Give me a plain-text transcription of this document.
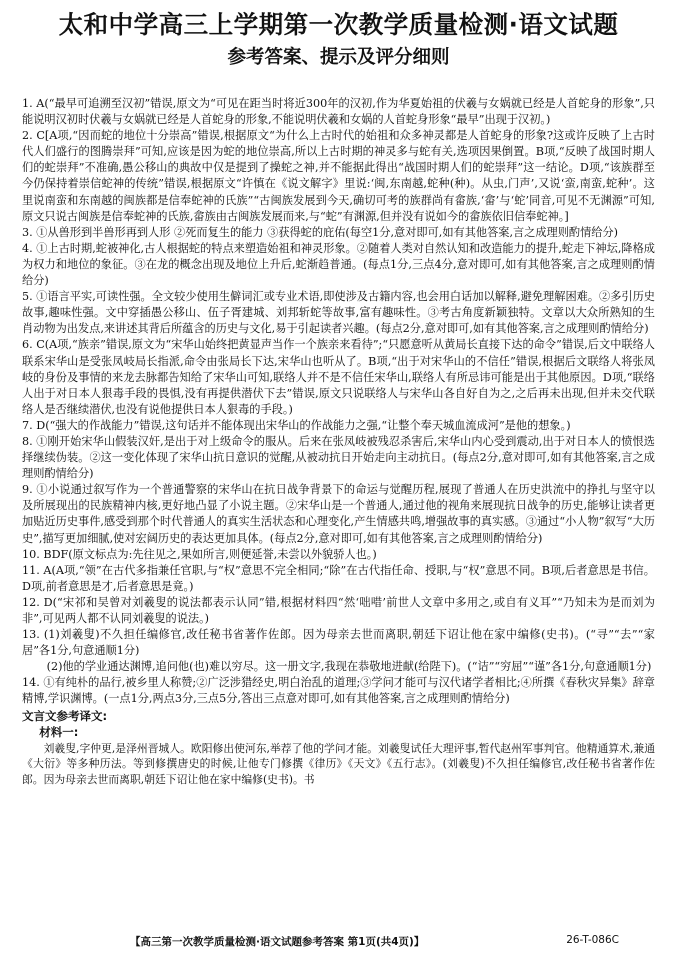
太和中学高三上学期第一次教学质量检测·语文试题
参考答案、提示及评分细则

1. A(“最早可追溯至汉初”错误,原文为“可见在距当时将近300年的汉初,作为华夏始祖的伏羲与女娲就已经是人首蛇身的形象”,只能说明汉初时伏羲与女娲就已经是人首蛇身的形象,不能说明伏羲和女娲的人首蛇身形象“最早”出现于汉初。)

2. C[A项,“因而蛇的地位十分崇高”错误,根据原文“为什么上古时代的始祖和众多神灵都是人首蛇身的形象?这或许反映了上古时代人们盛行的图腾崇拜”可知,应该是因为蛇的地位崇高,所以上古时期的神灵多与蛇有关,选项因果倒置。B项,“反映了战国时期人们的蛇崇拜”不准确,愚公移山的典故中仅是提到了操蛇之神,并不能据此得出“战国时期人们的蛇崇拜”这一结论。D项,“该族群至今仍保持着崇信蛇神的传统”错误,根据原文“许慎在《说文解字》里说:‘闽,东南越,蛇种(种)。从虫,门声’,又说‘蛮,南蛮,蛇种’。这里说南蛮和东南越的闽族都是信奉蛇神的氏族”“古闽族发展到今天,确切可考的族群尚有畲族,‘畲’与‘蛇’同音,可见不无渊源”可知,原文只说古闽族是信奉蛇神的氏族,畲族由古闽族发展而来,与“蛇”有渊源,但并没有说如今的畲族依旧信奉蛇神。]

3. ①从兽形到半兽形再到人形 ②死而复生的能力 ③获得蛇的庇佑(每空1分,意对即可,如有其他答案,言之成理则酌情给分)

4. ①上古时期,蛇被神化,古人根据蛇的特点来塑造始祖和神灵形象。②随着人类对自然认知和改造能力的提升,蛇走下神坛,降格成为权力和地位的象征。③在龙的概念出现及地位上升后,蛇渐趋普通。(每点1分,三点4分,意对即可,如有其他答案,言之成理则酌情给分)

5. ①语言平实,可读性强。全文较少使用生僻词汇或专业术语,即使涉及古籍内容,也会用白话加以解释,避免理解困难。②多引历史故事,趣味性强。文中穿插愚公移山、伍子胥建城、刘邦斩蛇等故事,富有趣味性。③考古角度新颖独特。文章以大众所熟知的生肖动物为出发点,来讲述其背后所蕴含的历史与文化,易于引起读者兴趣。(每点2分,意对即可,如有其他答案,言之成理则酌情给分)

6. C(A项,“族亲”错误,原文为“宋华山始终把黄显声当作一个族亲来看待”;“只愿意听从黄局长直接下达的命令”错误,后文中联络人联系宋华山是受张凤岐局长指派,命令由张局长下达,宋华山也听从了。B项,“出于对宋华山的不信任”错误,根据后文联络人将张凤岐的身份及事情的来龙去脉都告知给了宋华山可知,联络人并不是不信任宋华山,联络人有所忌讳可能是出于其他原因。D项,“联络人出于对日本人狠毒手段的畏惧,没有再提供潜伏下去”错误,原文只说联络人与宋华山各自好自为之,之后再未出现,但并未交代联络人是否继续潜伏,也没有说他提供日本人狠毒的手段。)

7. D(“强大的作战能力”错误,这句话并不能体现出宋华山的作战能力之强,“让整个奉天城血流成河”是他的想象。)

8. ①刚开始宋华山假装汉奸,是出于对上级命令的服从。后来在张凤岐被残忍杀害后,宋华山内心受到震动,出于对日本人的愤恨选择继续伪装。②这一变化体现了宋华山抗日意识的觉醒,从被动抗日开始走向主动抗日。(每点2分,意对即可,如有其他答案,言之成理则酌情给分)

9. ①小说通过叙写作为一个普通警察的宋华山在抗日战争背景下的命运与觉醒历程,展现了普通人在历史洪流中的挣扎与坚守以及所展现出的民族精神内核,更好地凸显了小说主题。②宋华山是一个普通人,通过他的视角来展现抗日战争的历史,能够让读者更加贴近历史事件,感受到那个时代普通人的真实生活状态和心理变化,产生情感共鸣,增强故事的真实感。③通过“小人物”叙写“大历史”,描写更加细腻,使对宏阔历史的表达更加具体。(每点2分,意对即可,如有其他答案,言之成理则酌情给分)

10. BDF(原文标点为:先往见之,果如所言,则便延誉,未尝以外貌骄人也。)

11. A(A项,“领”在古代多指兼任官职,与“权”意思不完全相同;“除”在古代指任命、授职,与“权”意思不同。B项,后者意思是书信。D项,前者意思是才,后者意思是竟。)

12. D(“宋祁和吴曾对刘羲叟的说法都表示认同”错,根据材料四“然‘咄唶’前世人文章中多用之,或自有义耳”“乃知未为是而刘为非”,可见两人都不认同刘羲叟的说法。)

13. (1)刘羲叟)不久担任编修官,改任秘书省著作佐郎。因为母亲去世而离职,朝廷下诏让他在家中编修(史书)。(“寻”“去”“家居”各1分,句意通顺1分)

(2)他的学业通达渊博,追问他(也)难以穷尽。这一册文字,我现在恭敬地进献(给陛下)。(“诘”“穷屈”“谨”各1分,句意通顺1分)

14. ①有纯朴的品行,被乡里人称赞;②广泛涉猎经史,明白治乱的道理;③学问才能可与汉代诸学者相比;④所撰《春秋灾异集》辞章精博,学识渊博。(一点1分,两点3分,三点5分,答出三点意对即可,如有其他答案,言之成理则酌情给分)

文言文参考译文:
材料一:

刘羲叟,字仲更,是泽州晋城人。欧阳修出使河东,举荐了他的学问才能。刘羲叟试任大理评事,暂代赵州军事判官。他精通算术,兼通《大衍》等多种历法。等到修撰唐史的时候,让他专门修撰《律历》《天文》《五行志》。(刘羲叟)不久担任编修官,改任秘书省著作佐郎。因为母亲去世而离职,朝廷下诏让他在家中编修(史书)。书

【高三第一次教学质量检测·语文试题参考答案 第1页(共4页)】	26-T-086C
